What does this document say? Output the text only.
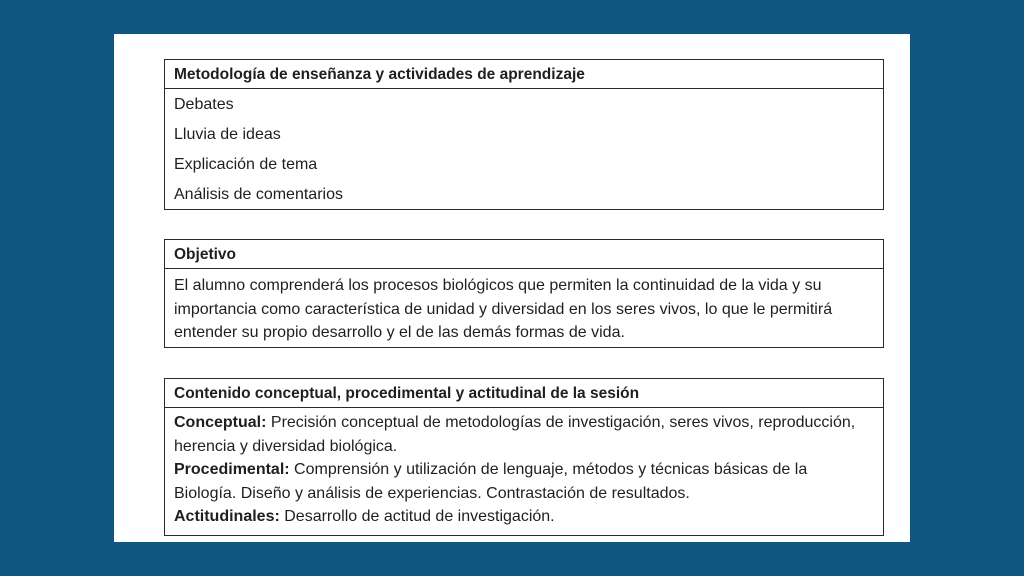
Metodología de enseñanza y actividades de aprendizaje
Debates
Lluvia de ideas
Explicación de tema
Análisis de comentarios
Objetivo
El alumno comprenderá los procesos biológicos que permiten la continuidad de la vida y su importancia como característica de unidad y diversidad en los seres vivos, lo que le permitirá entender su propio desarrollo y el de las demás formas de vida.
Contenido conceptual, procedimental y actitudinal de la sesión
Conceptual: Precisión conceptual de metodologías de investigación, seres vivos, reproducción, herencia y diversidad biológica.
Procedimental: Comprensión y utilización de lenguaje, métodos y técnicas básicas de la Biología. Diseño y análisis de experiencias. Contrastación de resultados.
Actitudinales: Desarrollo de actitud de investigación.
